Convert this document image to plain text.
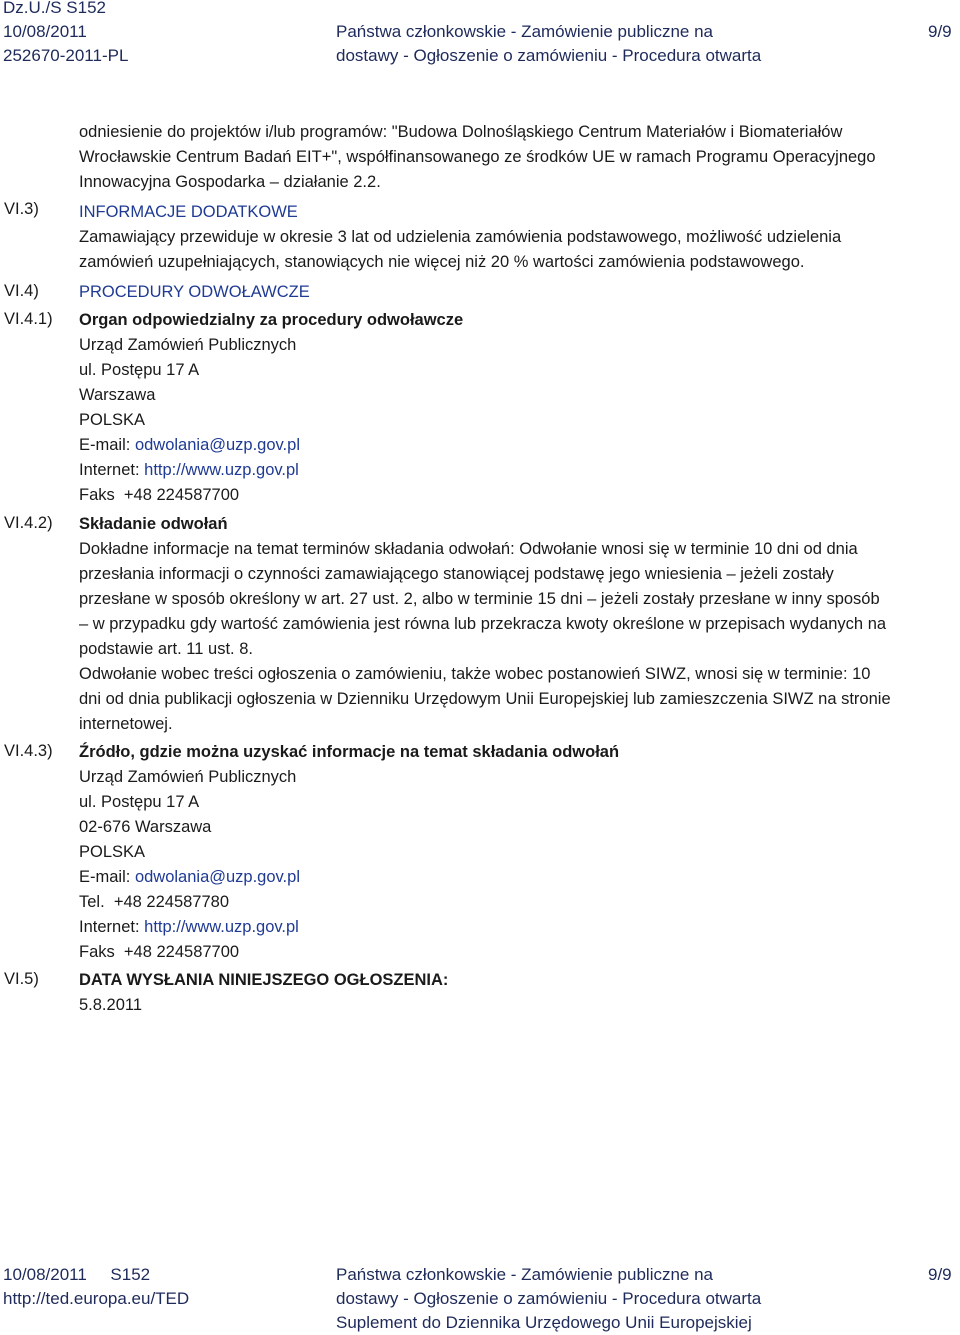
Dz.U./S S152
10/08/2011
252670-2011-PL
Państwa członkowskie - Zamówienie publiczne na
dostawy - Ogłoszenie o zamówieniu - Procedura otwarta
9/9
odniesienie do projektów i/lub programów: "Budowa Dolnośląskiego Centrum Materiałów i Biomateriałów
Wrocławskie Centrum Badań EIT+", współfinansowanego ze środków UE w ramach Programu Operacyjnego
Innowacyjna Gospodarka – działanie 2.2.
VI.3)
VI.4)
VI.4.1)
VI.4.2)
VI.4.3)
VI.5)
INFORMACJE DODATKOWE
Zamawiający przewiduje w okresie 3 lat od udzielenia zamówienia podstawowego, możliwość udzielenia
zamówień uzupełniających, stanowiących nie więcej niż 20 % wartości zamówienia podstawowego.
PROCEDURY ODWOŁAWCZE
Organ odpowiedzialny za procedury odwoławcze
Urząd Zamówień Publicznych
ul. Postępu 17 A
Warszawa
POLSKA
E-mail: odwolania@uzp.gov.pl
Internet: http://www.uzp.gov.pl
Faks  +48 224587700
Składanie odwołań
Dokładne informacje na temat terminów składania odwołań: Odwołanie wnosi się w terminie 10 dni od dnia
przesłania informacji o czynności zamawiającego stanowiącej podstawę jego wniesienia – jeżeli zostały
przesłane w sposób określony w art. 27 ust. 2, albo w terminie 15 dni – jeżeli zostały przesłane w inny sposób
– w przypadku gdy wartość zamówienia jest równa lub przekracza kwoty określone w przepisach wydanych na
podstawie art. 11 ust. 8.
Odwołanie wobec treści ogłoszenia o zamówieniu, także wobec postanowień SIWZ, wnosi się w terminie: 10
dni od dnia publikacji ogłoszenia w Dzienniku Urzędowym Unii Europejskiej lub zamieszczenia SIWZ na stronie
internetowej.
Źródło, gdzie można uzyskać informacje na temat składania odwołań
Urząd Zamówień Publicznych
ul. Postępu 17 A
02-676 Warszawa
POLSKA
E-mail: odwolania@uzp.gov.pl
Tel.  +48 224587780
Internet: http://www.uzp.gov.pl
Faks  +48 224587700
DATA WYSŁANIA NINIEJSZEGO OGŁOSZENIA:
5.8.2011
10/08/2011     S152
http://ted.europa.eu/TED
Państwa członkowskie - Zamówienie publiczne na
dostawy - Ogłoszenie o zamówieniu - Procedura otwarta
Suplement do Dziennika Urzędowego Unii Europejskiej
9/9
